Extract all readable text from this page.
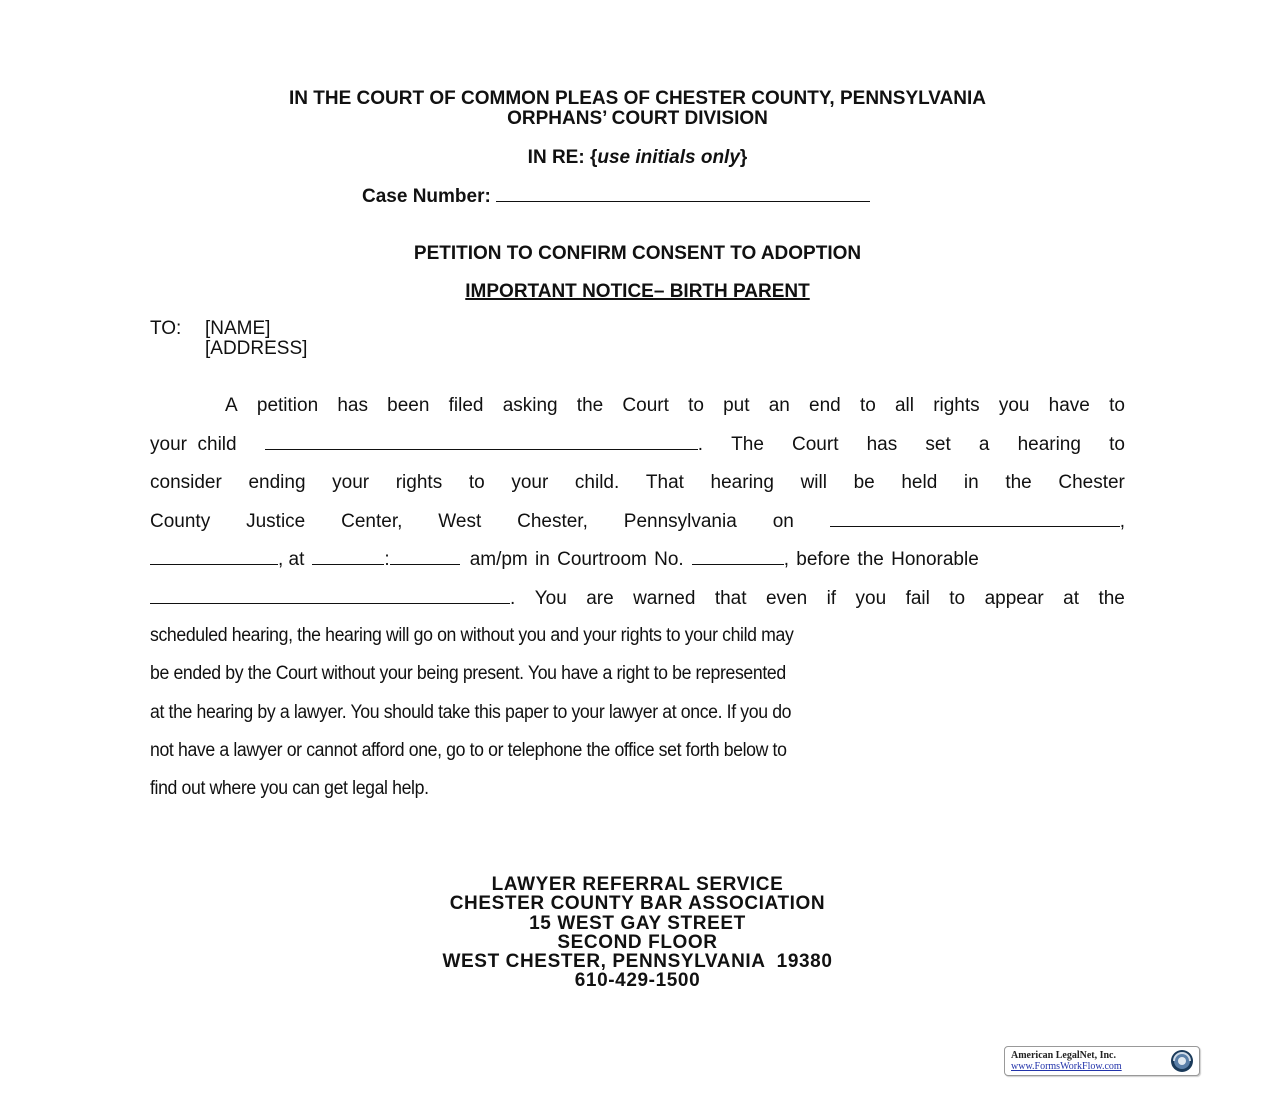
IN THE COURT OF COMMON PLEAS OF CHESTER COUNTY, PENNSYLVANIA
ORPHANS’ COURT DIVISION
IN RE: {use initials only}
Case Number:
PETITION TO CONFIRM CONSENT TO ADOPTION
IMPORTANT NOTICE– BIRTH PARENT
TO: [NAME]
[ADDRESS]
A petition has been filed asking the Court to put an end to all rights you have to
your  child	. The Court has set a hearing to
consider ending your rights to your child. That hearing will be held in the Chester
County Justice Center, West Chester, Pennsylvania on	,
, at	:	am/pm in Courtroom No.	, before the Honorable
. You are warned that even if you fail to appear at the
scheduled hearing, the hearing will go on without you and your rights to your child may
be ended by the Court without your being present. You have a right to be represented
at the hearing by a lawyer. You should take this paper to your lawyer at once. If you do
not have a lawyer or cannot afford one, go to or telephone the office set forth below to
find out where you can get legal help.
LAWYER REFERRAL SERVICE
CHESTER COUNTY BAR ASSOCIATION
15 WEST GAY STREET
SECOND FLOOR
WEST CHESTER, PENNSYLVANIA  19380
610-429-1500
American LegalNet, Inc.
www.FormsWorkFlow.com
